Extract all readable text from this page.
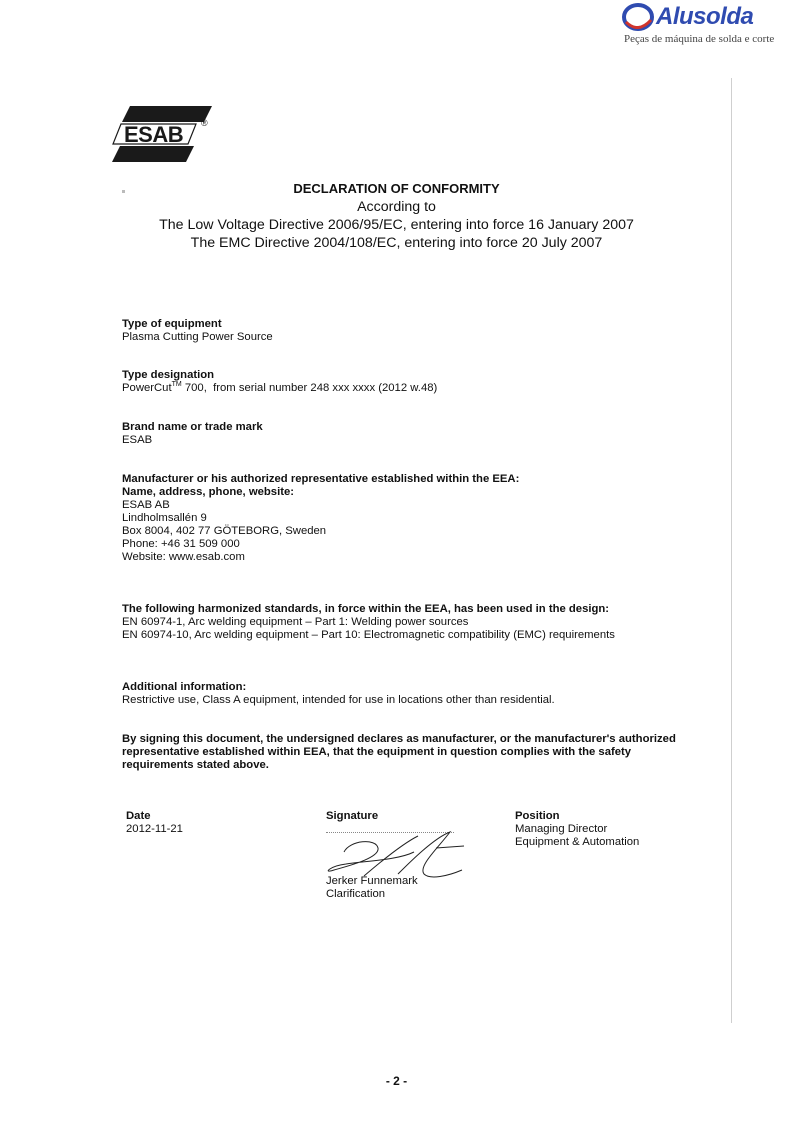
Alusolda
Peças de máquina de solda e corte
ESAB ®
DECLARATION OF CONFORMITY
According to
The Low Voltage Directive 2006/95/EC, entering into force 16 January 2007
The EMC Directive 2004/108/EC, entering into force 20 July 2007
Type of equipment
Plasma Cutting Power Source
Type designation
PowerCut™ 700,  from serial number 248 xxx xxxx (2012 w.48)
Brand name or trade mark
ESAB
Manufacturer or his authorized representative established within the EEA:
Name, address, phone, website:
ESAB AB
Lindholmsallén 9
Box 8004, 402 77 GÖTEBORG, Sweden
Phone: +46 31 509 000
Website: www.esab.com
The following harmonized standards, in force within the EEA, has been used in the design:
EN 60974-1, Arc welding equipment – Part 1: Welding power sources
EN 60974-10, Arc welding equipment – Part 10: Electromagnetic compatibility (EMC) requirements
Additional information:
Restrictive use, Class A equipment, intended for use in locations other than residential.
By signing this document, the undersigned declares as manufacturer, or the manufacturer's authorized
representative established within EEA, that the equipment in question complies with the safety
requirements stated above.
Date
2012-11-21
Signature
Jerker Funnemark
Clarification
Position
Managing Director
Equipment & Automation
- 2 -
